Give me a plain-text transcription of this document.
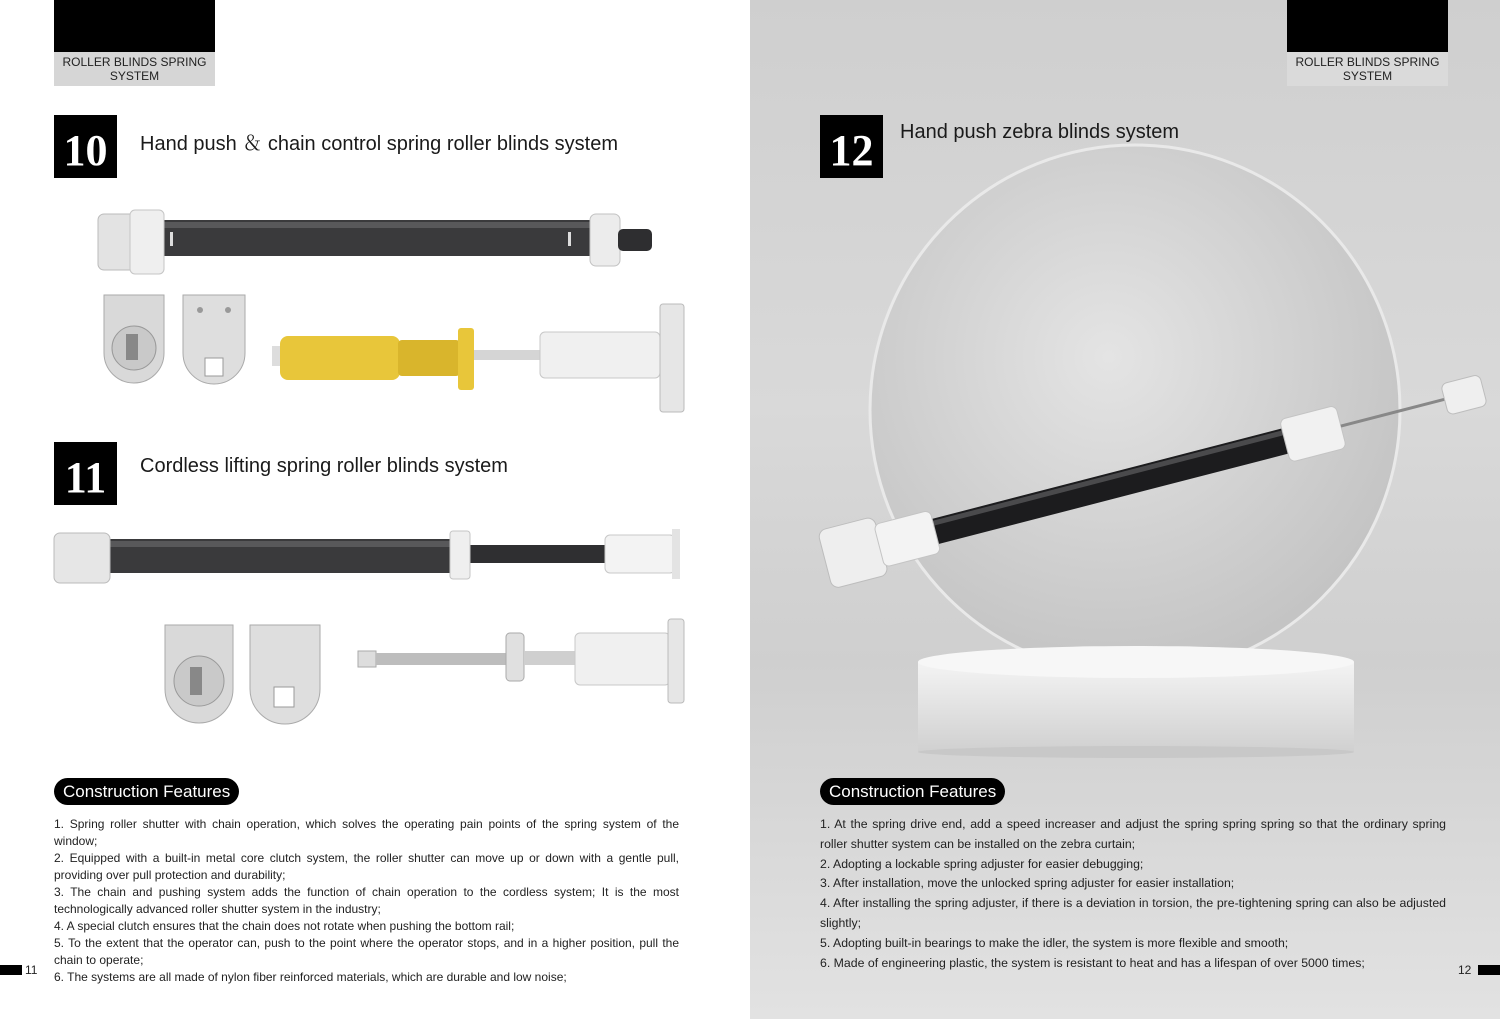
ROLLER BLINDS SPRING SYSTEM
10	Hand push ＆ chain control spring roller blinds system
11	Cordless lifting spring roller blinds system
Construction Features

1. Spring roller shutter with chain operation, which solves the operating pain points of the spring system of the window;

2. Equipped with a built-in metal core clutch system, the roller shutter can move up or down with a gentle pull, providing over pull protection and durability;

3. The chain and pushing system adds the function of chain operation to the cordless system; It is the most technologically advanced roller shutter system in the industry;

4. A special clutch ensures that the chain does not rotate when pushing the bottom rail;

5. To the extent that the operator can, push to the point where the operator stops, and in a higher position, pull the chain to operate;

6. The systems are all made of nylon fiber reinforced materials, which are durable and low noise;

11
ROLLER BLINDS SPRING SYSTEM
12	Hand push zebra blinds system
Construction Features

1. At the spring drive end, add a speed increaser and adjust the spring spring spring so that the ordinary spring roller shutter system can be installed on the zebra curtain;

2. Adopting a lockable spring adjuster for easier debugging;

3. After installation, move the unlocked spring adjuster for easier installation;

4. After installing the spring adjuster, if there is a deviation in torsion, the pre-tightening spring can also be adjusted slightly;

5. Adopting built-in bearings to make the idler, the system is more flexible and smooth;

6. Made of engineering plastic, the system is resistant to heat and has a lifespan of over 5000 times;

12
